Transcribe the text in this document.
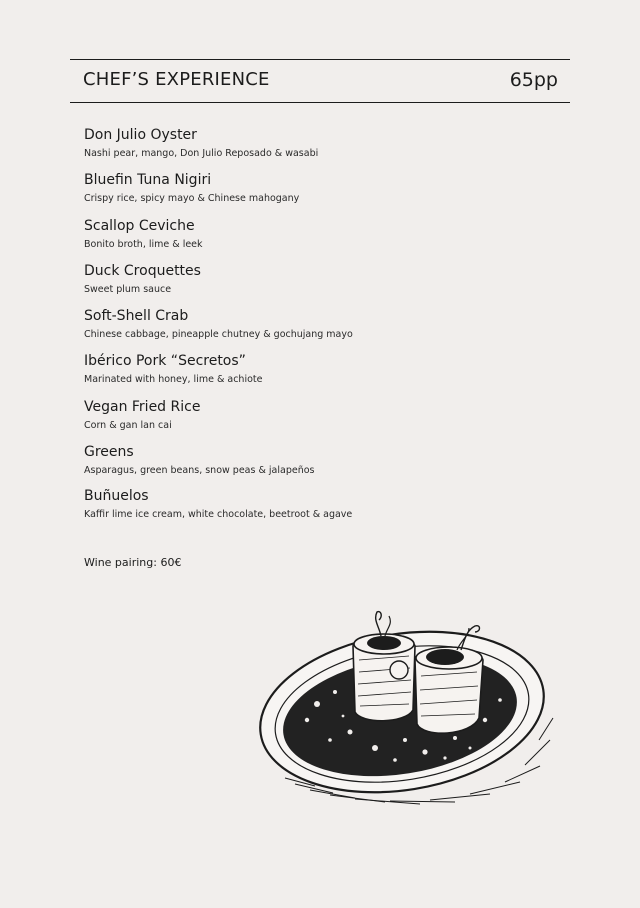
CHEF’S EXPERIENCE	65pp
Don Julio Oyster
Nashi pear, mango, Don Julio Reposado & wasabi
Bluefin Tuna Nigiri
Crispy rice, spicy mayo & Chinese mahogany
Scallop Ceviche
Bonito broth, lime & leek
Duck Croquettes
Sweet plum sauce
Soft-Shell Crab
Chinese cabbage, pineapple chutney & gochujang mayo
Ibérico Pork “Secretos”
Marinated with honey, lime & achiote
Vegan Fried Rice
Corn & gan lan cai
Greens
Asparagus, green beans, snow peas & jalapeños
Buñuelos
Kaffir lime ice cream, white chocolate, beetroot & agave
Wine pairing: 60€
